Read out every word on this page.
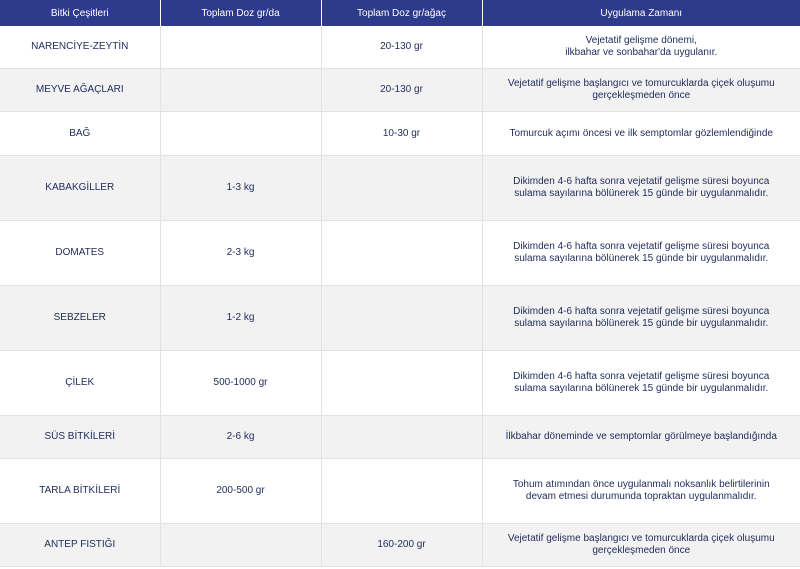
Bitki Çeşitleri	Toplam Doz gr/da	Toplam Doz gr/ağaç	Uygulama Zamanı
NARENCİYE-ZEYTİN		20-130 gr	Vejetatif gelişme dönemi,
ilkbahar ve sonbahar'da uygulanır.
MEYVE AĞAÇLARI		20-130 gr	Vejetatif gelişme başlangıcı ve tomurcuklarda çiçek oluşumu gerçekleşmeden önce
BAĞ		10-30 gr	Tomurcuk açımı öncesi ve ilk semptomlar gözlemlendiğinde
KABAKGİLLER	1-3 kg		Dikimden 4-6 hafta sonra vejetatif gelişme süresi boyunca sulama sayılarına bölünerek 15 günde bir uygulanmalıdır.
DOMATES	2-3 kg		Dikimden 4-6 hafta sonra vejetatif gelişme süresi boyunca sulama sayılarına bölünerek 15 günde bir uygulanmalıdır.
SEBZELER	1-2 kg		Dikimden 4-6 hafta sonra vejetatif gelişme süresi boyunca sulama sayılarına bölünerek 15 günde bir uygulanmalıdır.
ÇİLEK	500-1000 gr		Dikimden 4-6 hafta sonra vejetatif gelişme süresi boyunca sulama sayılarına bölünerek 15 günde bir uygulanmalıdır.
SÜS BİTKİLERİ	2-6 kg		İlkbahar döneminde ve semptomlar görülmeye başlandığında
TARLA BİTKİLERİ	200-500 gr		Tohum atımından önce uygulanmalı noksanlık belirtilerinin devam etmesi durumunda topraktan uygulanmalıdır.
ANTEP FISTIĞI		160-200 gr	Vejetatif gelişme başlangıcı ve tomurcuklarda çiçek oluşumu gerçekleşmeden önce
